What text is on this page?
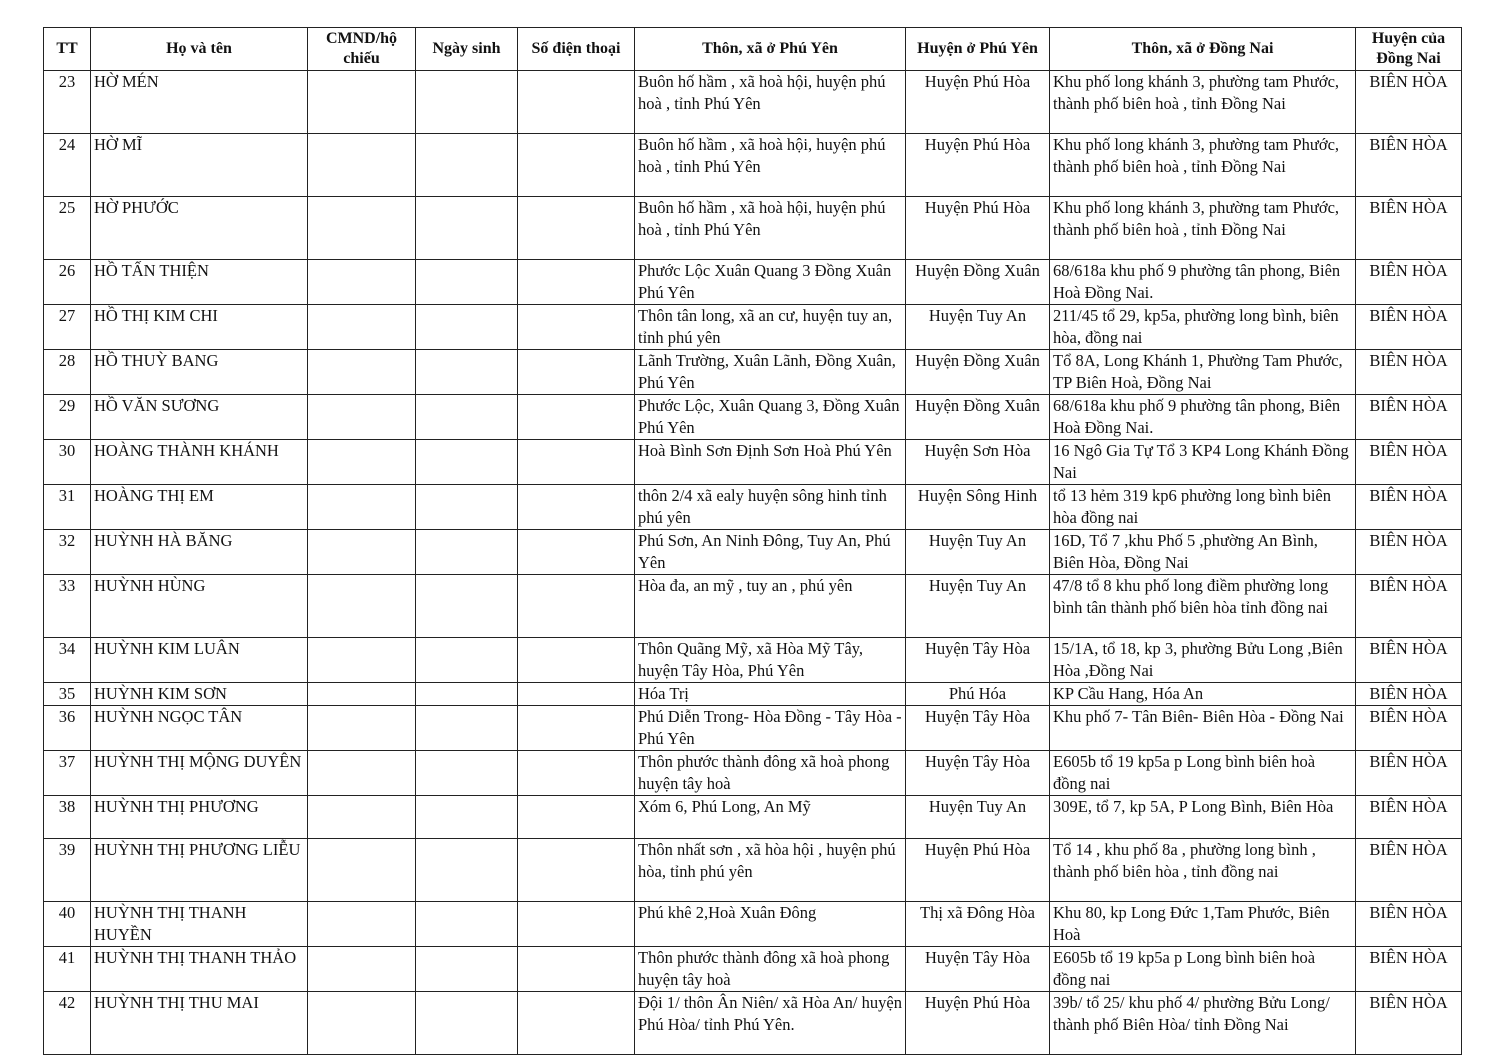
TT	Họ và tên	CMND/hộ chiếu	Ngày sinh	Số điện thoại	Thôn, xã ở Phú Yên	Huyện ở Phú Yên	Thôn, xã ở Đồng Nai	Huyện của Đồng Nai
23	HỜ MÉN				Buôn hố hầm , xã hoà hội, huyện phú hoà , tỉnh Phú Yên	Huyện Phú Hòa	Khu phố long khánh 3, phường tam Phước, thành phố biên hoà , tỉnh Đồng Nai	BIÊN HÒA
24	HỜ MĨ				Buôn hố hầm , xã hoà hội, huyện phú hoà , tỉnh Phú Yên	Huyện Phú Hòa	Khu phố long khánh 3, phường tam Phước, thành phố biên hoà , tỉnh Đồng Nai	BIÊN HÒA
25	HỜ PHƯỚC				Buôn hố hầm , xã hoà hội, huyện phú hoà , tỉnh Phú Yên	Huyện Phú Hòa	Khu phố long khánh 3, phường tam Phước, thành phố biên hoà , tỉnh Đồng Nai	BIÊN HÒA
26	HỒ TẤN THIỆN				Phước Lộc Xuân Quang 3 Đồng Xuân Phú Yên	Huyện Đồng Xuân	68/618a khu phố 9 phường tân phong, Biên Hoà Đồng Nai.	BIÊN HÒA
27	HỒ THỊ KIM CHI				Thôn tân long, xã an cư, huyện tuy an, tỉnh phú yên	Huyện Tuy An	211/45 tổ 29, kp5a, phường long bình, biên hòa, đồng nai	BIÊN HÒA
28	HỒ THUỲ BANG				Lãnh Trường, Xuân Lãnh, Đồng Xuân, Phú Yên	Huyện Đồng Xuân	Tổ 8A, Long Khánh 1, Phường Tam Phước, TP Biên Hoà, Đồng Nai	BIÊN HÒA
29	HỒ VĂN SƯƠNG				Phước Lộc, Xuân Quang 3, Đồng Xuân Phú Yên	Huyện Đồng Xuân	68/618a khu phố 9 phường tân phong, Biên Hoà Đồng Nai.	BIÊN HÒA
30	HOÀNG THÀNH KHÁNH				Hoà Bình Sơn Định Sơn Hoà Phú Yên	Huyện Sơn Hòa	16 Ngô Gia Tự Tổ 3 KP4 Long Khánh Đồng Nai	BIÊN HÒA
31	HOÀNG THỊ EM				thôn 2/4 xã ealy huyện sông hinh tỉnh phú yên	Huyện Sông Hinh	tổ 13 hẻm 319 kp6 phường long bình biên hòa đồng nai	BIÊN HÒA
32	HUỲNH HÀ BĂNG				Phú Sơn, An Ninh Đông, Tuy An, Phú Yên	Huyện Tuy An	16D, Tổ 7 ,khu Phố 5 ,phường An Bình, Biên Hòa, Đồng Nai	BIÊN HÒA
33	HUỲNH HÙNG				Hòa đa, an mỹ , tuy an , phú yên	Huyện Tuy An	47/8 tổ 8 khu phố long điềm phường long bình tân thành phố biên hòa tỉnh đồng nai	BIÊN HÒA
34	HUỲNH KIM LUÂN				Thôn Quãng Mỹ, xã Hòa Mỹ Tây, huyện Tây Hòa, Phú Yên	Huyện Tây Hòa	15/1A, tổ 18, kp 3, phường Bửu Long ,Biên Hòa ,Đồng Nai	BIÊN HÒA
35	HUỲNH KIM SƠN				Hóa Trị	Phú Hóa	KP Cầu Hang, Hóa An	BIÊN HÒA
36	HUỲNH NGỌC TÂN				Phú Diễn Trong- Hòa Đồng - Tây Hòa - Phú Yên	Huyện Tây Hòa	Khu phố 7- Tân Biên- Biên Hòa - Đồng Nai	BIÊN HÒA
37	HUỲNH THỊ MỘNG DUYÊN				Thôn phước thành đông xã hoà phong huyện tây hoà	Huyện Tây Hòa	E605b tổ 19 kp5a p Long bình biên hoà đồng nai	BIÊN HÒA
38	HUỲNH THỊ PHƯƠNG				Xóm 6, Phú Long, An Mỹ	Huyện Tuy An	309E, tổ 7, kp 5A, P Long Bình, Biên Hòa	BIÊN HÒA
39	HUỲNH THỊ PHƯƠNG LIỄU				Thôn nhất sơn , xã hòa hội , huyện phú hòa, tỉnh phú yên	Huyện Phú Hòa	Tổ 14 , khu phố 8a , phường long bình , thành phố biên hòa , tỉnh đồng nai	BIÊN HÒA
40	HUỲNH THỊ THANH HUYỀN				Phú khê 2,Hoà Xuân Đông	Thị xã Đông Hòa	Khu 80, kp Long Đức 1,Tam Phước, Biên Hoà	BIÊN HÒA
41	HUỲNH THỊ THANH THẢO				Thôn phước thành đông xã hoà phong huyện tây hoà	Huyện Tây Hòa	E605b tổ 19 kp5a p Long bình biên hoà đồng nai	BIÊN HÒA
42	HUỲNH THỊ THU MAI				Đội 1/ thôn Ân Niên/ xã Hòa An/ huyện Phú Hòa/ tỉnh Phú Yên.	Huyện Phú Hòa	39b/ tổ 25/ khu phố 4/ phường Bửu Long/ thành phố Biên Hòa/ tỉnh Đồng Nai	BIÊN HÒA
